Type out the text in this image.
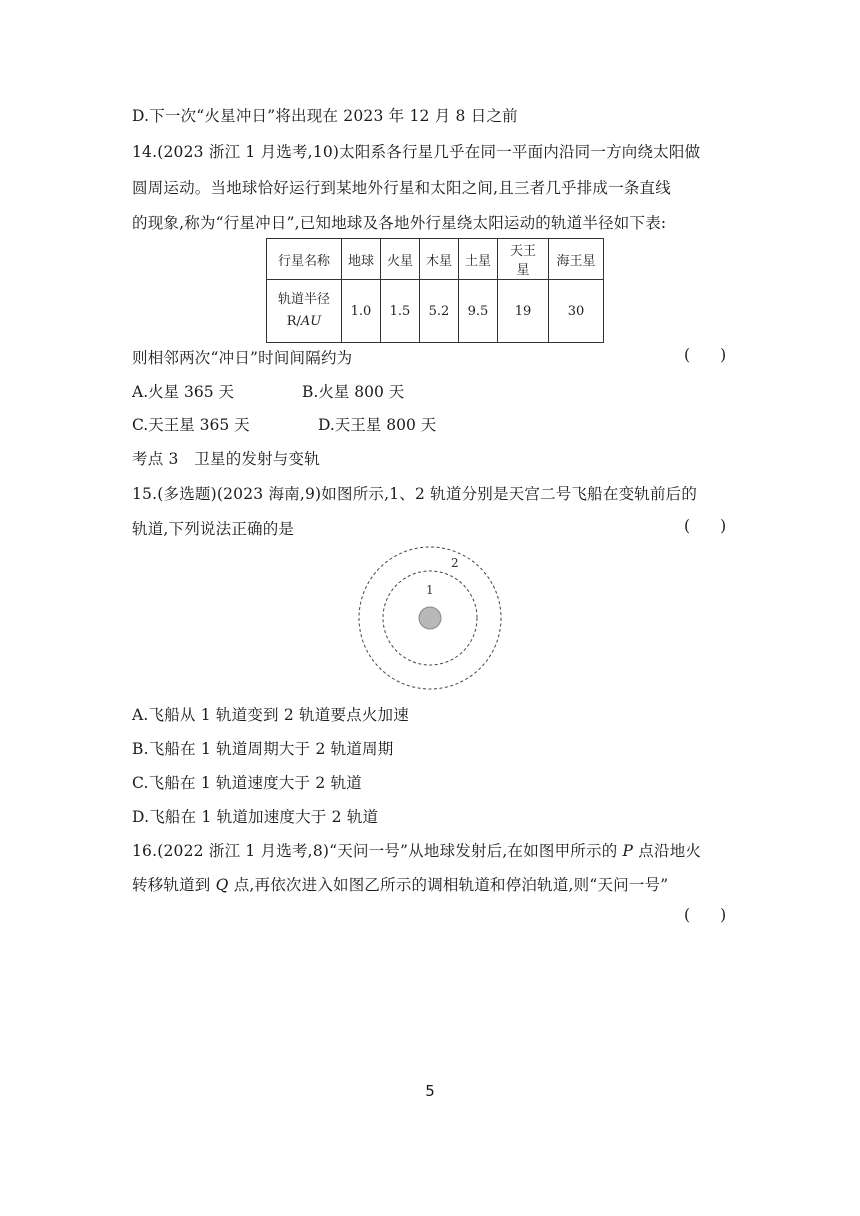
D.下一次“火星冲日”将出现在 2023 年 12 月 8 日之前
14.(2023 浙江 1 月选考,10)太阳系各行星几乎在同一平面内沿同一方向绕太阳做
圆周运动。当地球恰好运行到某地外行星和太阳之间,且三者几乎排成一条直线
的现象,称为“行星冲日”,已知地球及各地外行星绕太阳运动的轨道半径如下表:
行星名称	地球	火星	木星	土星	天王星	海王星

轨道半径
R/AU	1.0	1.5	5.2	9.5	19	30
则相邻两次“冲日”时间间隔约为	( )
A.火星 365 天	B.火星 800 天
C.天王星 365 天	D.天王星 800 天
考点 3　卫星的发射与变轨
15.(多选题)(2023 海南,9)如图所示,1、2 轨道分别是天宫二号飞船在变轨前后的
轨道,下列说法正确的是	( )
1
2
A.飞船从 1 轨道变到 2 轨道要点火加速
B.飞船在 1 轨道周期大于 2 轨道周期
C.飞船在 1 轨道速度大于 2 轨道
D.飞船在 1 轨道加速度大于 2 轨道
16.(2022 浙江 1 月选考,8)“天问一号”从地球发射后,在如图甲所示的 P 点沿地火
转移轨道到 Q 点,再依次进入如图乙所示的调相轨道和停泊轨道,则“天问一号”
( )
5
